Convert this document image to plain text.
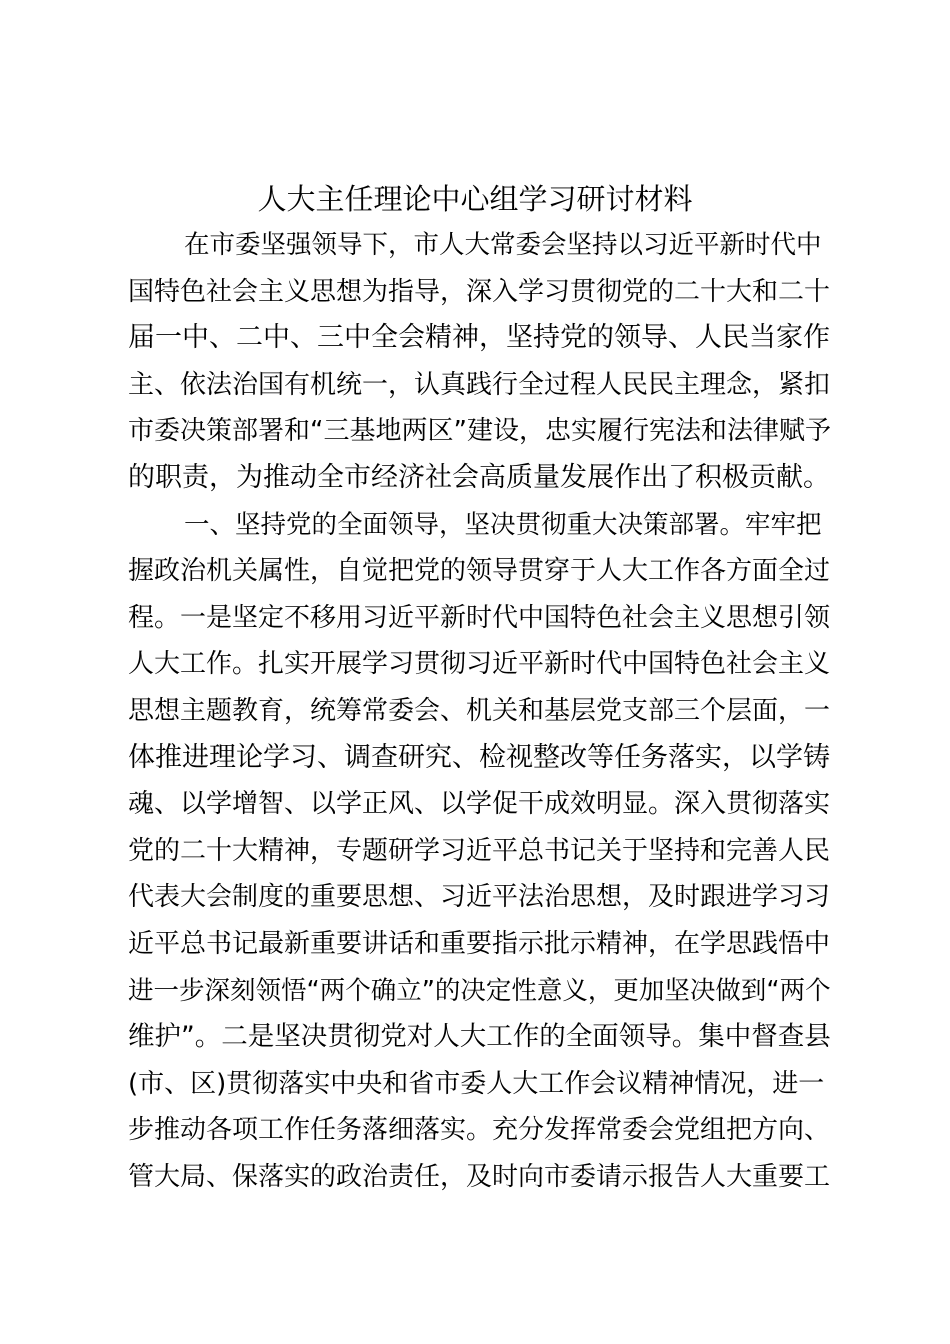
人大主任理论中心组学习研讨材料
在市委坚强领导下，市人大常委会坚持以习近平新时代中
国特色社会主义思想为指导，深入学习贯彻党的二十大和二十
届一中、二中、三中全会精神，坚持党的领导、人民当家作
主、依法治国有机统一，认真践行全过程人民民主理念，紧扣
市委决策部署和“三基地两区”建设，忠实履行宪法和法律赋予
的职责，为推动全市经济社会高质量发展作出了积极贡献。
一、坚持党的全面领导，坚决贯彻重大决策部署。牢牢把
握政治机关属性，自觉把党的领导贯穿于人大工作各方面全过
程。一是坚定不移用习近平新时代中国特色社会主义思想引领
人大工作。扎实开展学习贯彻习近平新时代中国特色社会主义
思想主题教育，统筹常委会、机关和基层党支部三个层面，一
体推进理论学习、调查研究、检视整改等任务落实，以学铸
魂、以学增智、以学正风、以学促干成效明显。深入贯彻落实
党的二十大精神，专题研学习近平总书记关于坚持和完善人民
代表大会制度的重要思想、习近平法治思想，及时跟进学习习
近平总书记最新重要讲话和重要指示批示精神，在学思践悟中
进一步深刻领悟“两个确立”的决定性意义，更加坚决做到“两个
维护”。二是坚决贯彻党对人大工作的全面领导。集中督查县
(市、区)贯彻落实中央和省市委人大工作会议精神情况，进一
步推动各项工作任务落细落实。充分发挥常委会党组把方向、
管大局、保落实的政治责任，及时向市委请示报告人大重要工
